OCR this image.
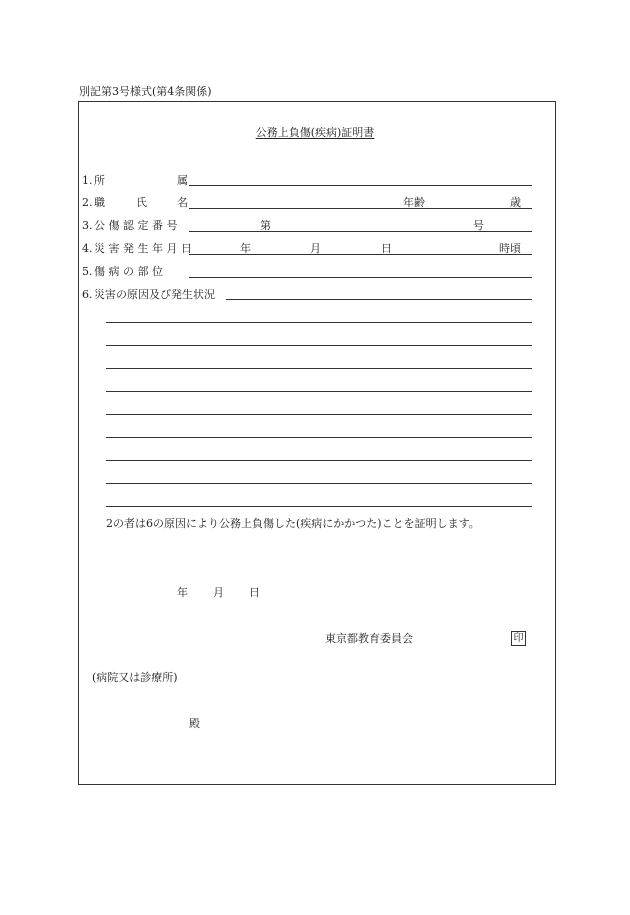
別記第3号様式(第4条関係)
公務上負傷(疾病)証明書
1. 所	属
2. 職	氏	名	年齢	歳
3. 公 傷 認 定 番 号	第	号
4. 災 害 発 生 年 月 日	年	月	日	時頃
5. 傷 病 の 部 位
6. 災害の原因及び発生状況
2の者は6の原因により公務上負傷した(疾病にかかつた)ことを証明します。
年 月 日
東京都教育委員会	印
(病院又は診療所)
殿
